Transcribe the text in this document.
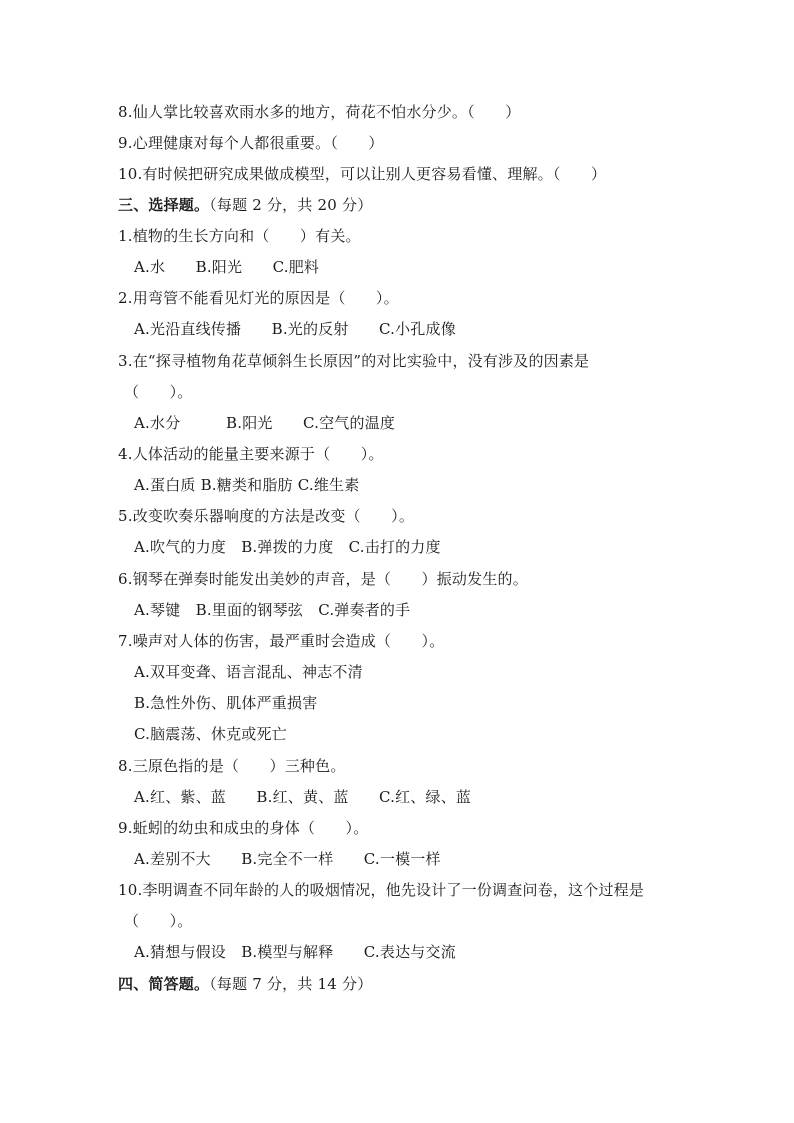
8.仙人掌比较喜欢雨水多的地方，荷花不怕水分少。（　　）
9.心理健康对每个人都很重要。（　　）
10.有时候把研究成果做成模型，可以让别人更容易看懂、理解。（　　）
三、选择题。（每题 2 分，共 20 分）
1.植物的生长方向和（　　）有关。
A.水　　B.阳光　　C.肥料
2.用弯管不能看见灯光的原因是（　　）。
A.光沿直线传播　　B.光的反射　　C.小孔成像
3.在“探寻植物角花草倾斜生长原因”的对比实验中，没有涉及的因素是
（　　）。
A.水分　　　B.阳光　　C.空气的温度
4.人体活动的能量主要来源于（　　）。
A.蛋白质 B.糖类和脂肪 C.维生素
5.改变吹奏乐器响度的方法是改变（　　）。
A.吹气的力度　B.弹拨的力度　C.击打的力度
6.钢琴在弹奏时能发出美妙的声音，是（　　）振动发生的。
A.琴键　B.里面的钢琴弦　C.弹奏者的手
7.噪声对人体的伤害，最严重时会造成（　　）。
A.双耳变聋、语言混乱、神志不清
B.急性外伤、肌体严重损害
C.脑震荡、休克或死亡
8.三原色指的是（　　）三种色。
A.红、紫、蓝　　B.红、黄、蓝　　C.红、绿、蓝
9.蚯蚓的幼虫和成虫的身体（　　）。
A.差别不大　　B.完全不一样　　C.一模一样
10.李明调查不同年龄的人的吸烟情况，他先设计了一份调查问卷，这个过程是
（　　）。
A.猜想与假设　B.模型与解释　　C.表达与交流
四、简答题。（每题 7 分，共 14 分）
